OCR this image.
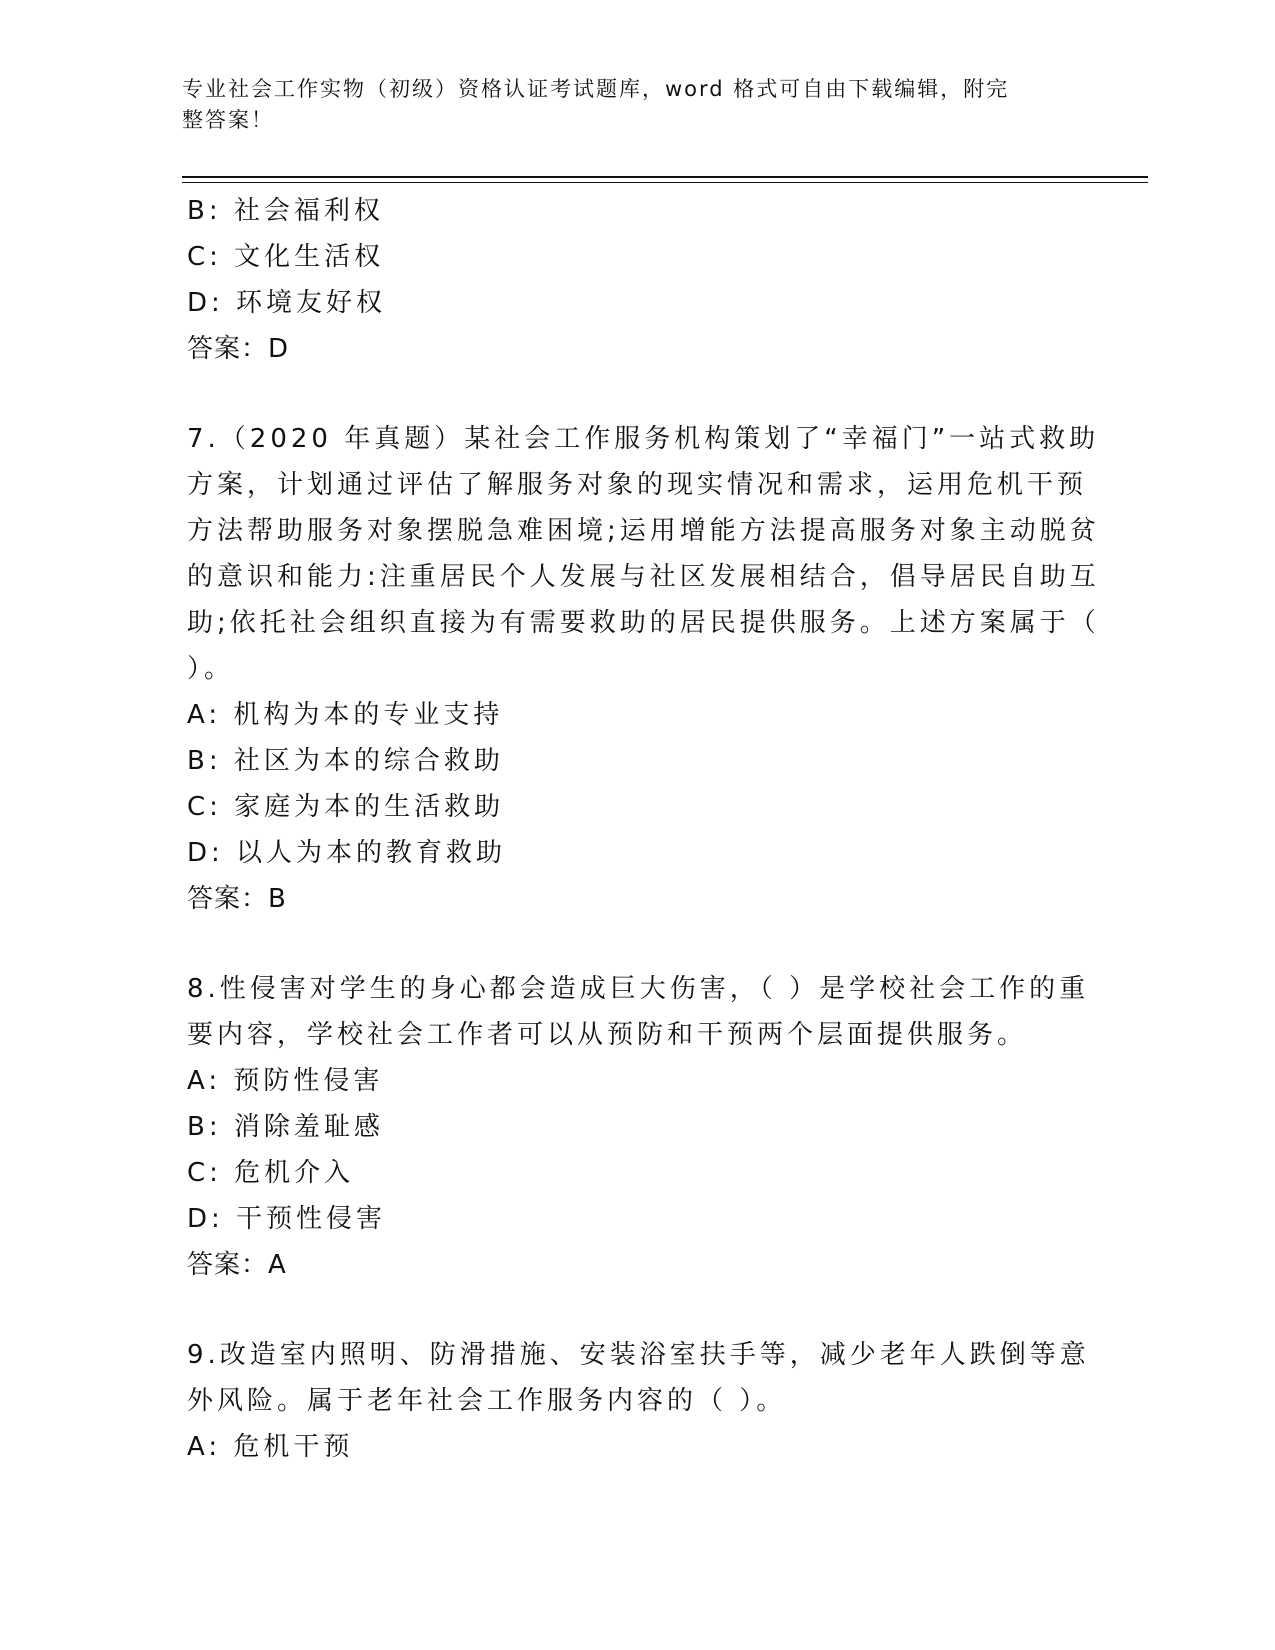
专业社会工作实物（初级）资格认证考试题库，word 格式可自由下载编辑，附完
整答案！
B: 社会福利权
C: 文化生活权
D: 环境友好权
答案：D
7.（2020 年真题）某社会工作服务机构策划了“幸福门”一站式救助
方案，计划通过评估了解服务对象的现实情况和需求，运用危机干预
方法帮助服务对象摆脱急难困境;运用增能方法提高服务对象主动脱贫
的意识和能力:注重居民个人发展与社区发展相结合，倡导居民自助互
助;依托社会组织直接为有需要救助的居民提供服务。上述方案属于（
）。
A: 机构为本的专业支持
B: 社区为本的综合救助
C: 家庭为本的生活救助
D: 以人为本的教育救助
答案：B
8.性侵害对学生的身心都会造成巨大伤害，（ ）是学校社会工作的重
要内容，学校社会工作者可以从预防和干预两个层面提供服务。
A: 预防性侵害
B: 消除羞耻感
C: 危机介入
D: 干预性侵害
答案：A
9.改造室内照明、防滑措施、安装浴室扶手等，减少老年人跌倒等意
外风险。属于老年社会工作服务内容的（ ）。
A: 危机干预
